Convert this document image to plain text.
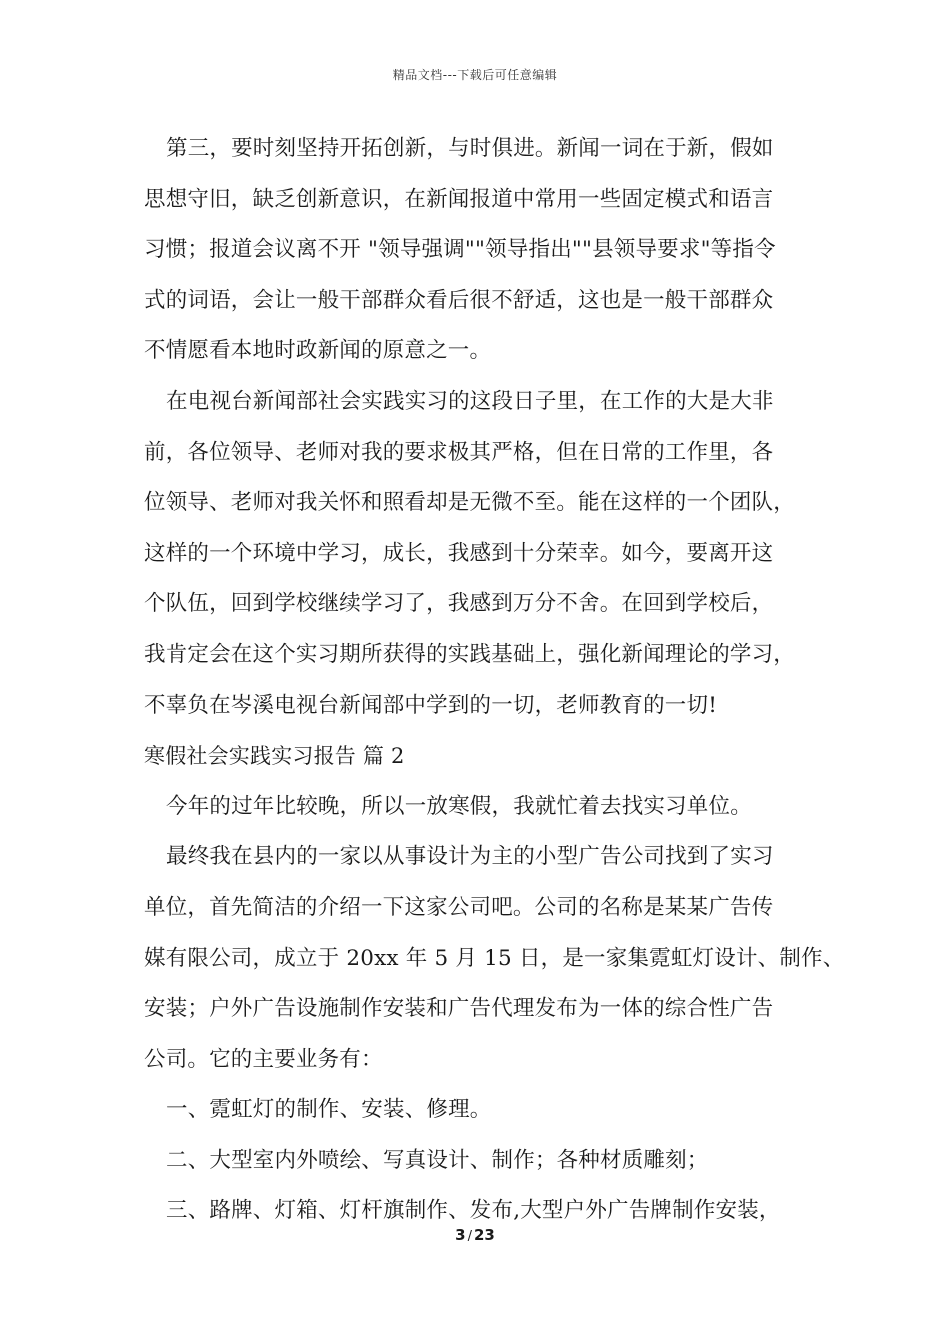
精品文档---下载后可任意编辑
第三，要时刻坚持开拓创新，与时俱进。新闻一词在于新，假如
思想守旧，缺乏创新意识，在新闻报道中常用一些固定模式和语言
习惯；报道会议离不开 "领导强调""领导指出""县领导要求"等指令
式的词语，会让一般干部群众看后很不舒适，这也是一般干部群众
不情愿看本地时政新闻的原意之一。
在电视台新闻部社会实践实习的这段日子里，在工作的大是大非
前，各位领导、老师对我的要求极其严格，但在日常的工作里，各
位领导、老师对我关怀和照看却是无微不至。能在这样的一个团队，
这样的一个环境中学习，成长，我感到十分荣幸。如今，要离开这
个队伍，回到学校继续学习了，我感到万分不舍。在回到学校后，
我肯定会在这个实习期所获得的实践基础上，强化新闻理论的学习，
不辜负在岑溪电视台新闻部中学到的一切，老师教育的一切!
寒假社会实践实习报告 篇 2
今年的过年比较晚，所以一放寒假，我就忙着去找实习单位。
最终我在县内的一家以从事设计为主的小型广告公司找到了实习
单位，首先简洁的介绍一下这家公司吧。公司的名称是某某广告传
媒有限公司，成立于 20xx 年 5 月 15 日，是一家集霓虹灯设计、制作、
安装；户外广告设施制作安装和广告代理发布为一体的综合性广告
公司。它的主要业务有：
一、霓虹灯的制作、安装、修理。
二、大型室内外喷绘、写真设计、制作；各种材质雕刻；
三、路牌、灯箱、灯杆旗制作、发布,大型户外广告牌制作安装，
3 / 23
